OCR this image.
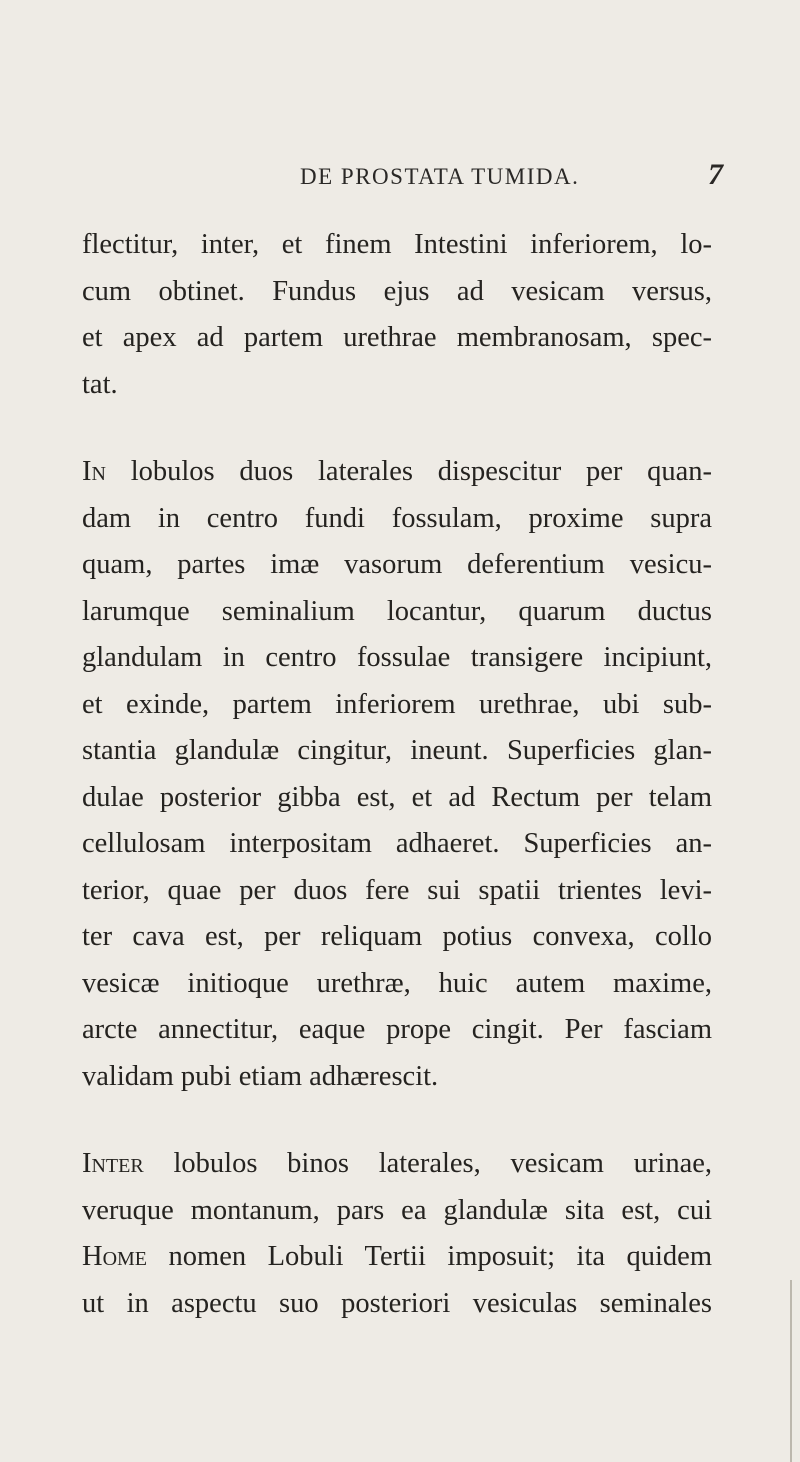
DE PROSTATA TUMIDA.	7
flectitur, inter, et finem Intestini inferiorem, lo-
cum obtinet. Fundus ejus ad vesicam versus,
et apex ad partem urethrae membranosam, spec-
tat.
In lobulos duos laterales dispescitur per quan-
dam in centro fundi fossulam, proxime supra
quam, partes imæ vasorum deferentium vesicu-
larumque seminalium locantur, quarum ductus
glandulam in centro fossulae transigere incipiunt,
et exinde, partem inferiorem urethrae, ubi sub-
stantia glandulæ cingitur, ineunt. Superficies glan-
dulae posterior gibba est, et ad Rectum per telam
cellulosam interpositam adhaeret. Superficies an-
terior, quae per duos fere sui spatii trientes levi-
ter cava est, per reliquam potius convexa, collo
vesicæ initioque urethræ, huic autem maxime,
arcte annectitur, eaque prope cingit. Per fasciam
validam pubi etiam adhærescit.
Inter lobulos binos laterales, vesicam urinae,
veruque montanum, pars ea glandulæ sita est, cui
Home nomen Lobuli Tertii imposuit; ita quidem
ut in aspectu suo posteriori vesiculas seminales
